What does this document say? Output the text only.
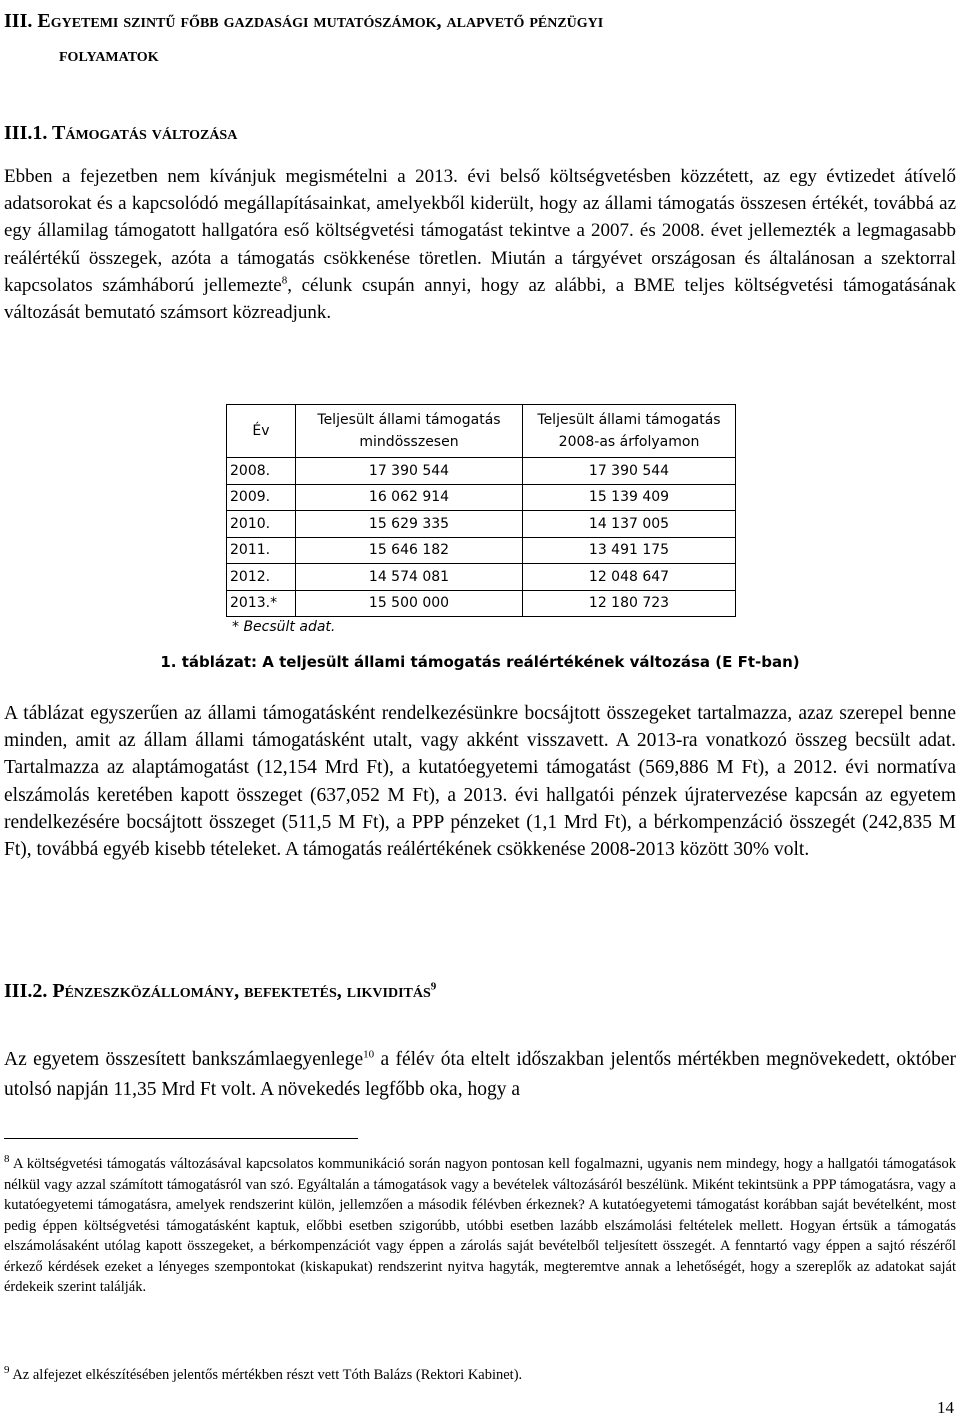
III. Egyetemi szintű főbb gazdasági mutatószámok, alapvető pénzügyi
folyamatok
III.1. Támogatás változása
Ebben a fejezetben nem kívánjuk megismételni a 2013. évi belső költségvetésben közzétett, az egy évtizedet átívelő adatsorokat és a kapcsolódó megállapításainkat, amelyekből kiderült, hogy az állami támogatás összesen értékét, továbbá az egy államilag támogatott hallgatóra eső költségvetési támogatást tekintve a 2007. és 2008. évet jellemezték a legmagasabb reálértékű összegek, azóta a támogatás csökkenése töretlen. Miután a tárgyévet országosan és általánosan a szektorral kapcsolatos számháború jellemezte$^8$, célunk csupán annyi, hogy az alábbi, a BME teljes költségvetési támogatásának változását bemutató számsort közreadjunk.
Év	Teljesült állami támogatás mindösszesen	Teljesült állami támogatás 2008-as árfolyamon
2008.	17 390 544	17 390 544
2009.	16 062 914	15 139 409
2010.	15 629 335	14 137 005
2011.	15 646 182	13 491 175
2012.	14 574 081	12 048 647
2013.*	15 500 000	12 180 723
* Becsült adat.
1. táblázat: A teljesült állami támogatás reálértékének változása (E Ft-ban)
A táblázat egyszerűen az állami támogatásként rendelkezésünkre bocsájtott összegeket tartalmazza, azaz szerepel benne minden, amit az állam állami támogatásként utalt, vagy akként visszavett. A 2013-ra vonatkozó összeg becsült adat. Tartalmazza az alaptámogatást (12,154 Mrd Ft), a kutatóegyetemi támogatást (569,886 M Ft), a 2012. évi normatíva elszámolás keretében kapott összeget (637,052 M Ft), a 2013. évi hallgatói pénzek újratervezése kapcsán az egyetem rendelkezésére bocsájtott összeget (511,5 M Ft), a PPP pénzeket (1,1 Mrd Ft), a bérkompenzáció összegét (242,835 M Ft), továbbá egyéb kisebb tételeket. A támogatás reálértékének csökkenése 2008-2013 között 30% volt.
III.2. Pénzeszközállomány, befektetés, likviditás$^9$
Az egyetem összesített bankszámlaegyenlege$^{10}$ a félév óta eltelt időszakban jelentős mértékben megnövekedett, október utolsó napján 11,35 Mrd Ft volt. A növekedés legfőbb oka, hogy a
$^8$ A költségvetési támogatás változásával kapcsolatos kommunikáció során nagyon pontosan kell fogalmazni, ugyanis nem mindegy, hogy a hallgatói támogatások nélkül vagy azzal számított támogatásról van szó. Egyáltalán a támogatások vagy a bevételek változásáról beszélünk. Miként tekintsünk a PPP támogatásra, vagy a kutatóegyetemi támogatásra, amelyek rendszerint külön, jellemzően a második félévben érkeznek? A kutatóegyetemi támogatást korábban saját bevételként, most pedig éppen költségvetési támogatásként kaptuk, előbbi esetben szigorúbb, utóbbi esetben lazább elszámolási feltételek mellett. Hogyan értsük a támogatás elszámolásaként utólag kapott összegeket, a bérkompenzációt vagy éppen a zárolás saját bevételből teljesített összegét. A fenntartó vagy éppen a sajtó részéről érkező kérdések ezeket a lényeges szempontokat (kiskapukat) rendszerint nyitva hagyták, megteremtve annak a lehetőségét, hogy a szereplők az adatokat saját érdekeik szerint találják.
$^9$ Az alfejezet elkészítésében jelentős mértékben részt vett Tóth Balázs (Rektori Kabinet).
14
